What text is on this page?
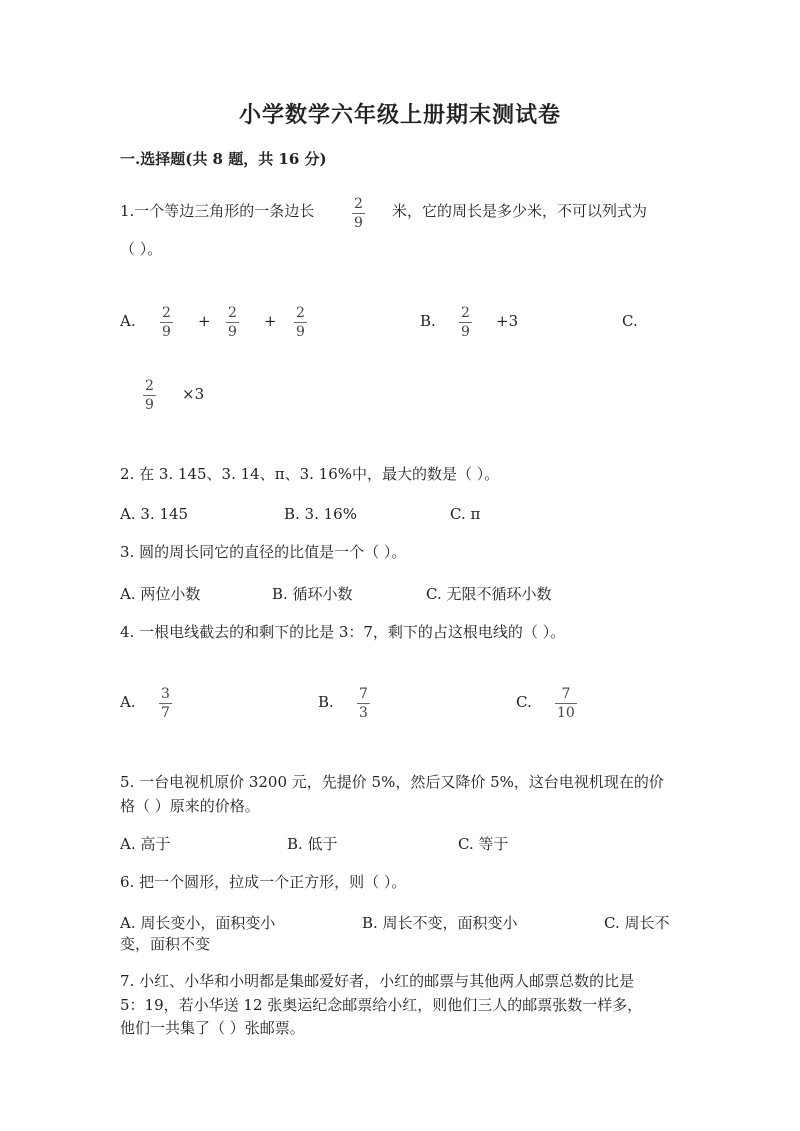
小学数学六年级上册期末测试卷
一.选择题(共 8 题，共 16 分)
1.一个等边三角形的一条边长	2
9
米，它的周长是多少米，不可以列式为
（ ）。
A. 2
9
+ 2
9
+ 2
9
B. 2
9
+3	C.
2
9
×3
2. 在 3. 145、3. 14、π、3. 16%中，最大的数是（ ）。
A. 3. 145	B. 3. 16%	C. π
3. 圆的周长同它的直径的比值是一个（ ）。
A. 两位小数	B. 循环小数	C. 无限不循环小数
4. 一根电线截去的和剩下的比是 3：7，剩下的占这根电线的（ ）。
A. 3
7
B. 7
3
C. 7
10
5. 一台电视机原价 3200 元，先提价 5%，然后又降价 5%，这台电视机现在的价
格（ ）原来的价格。
A. 高于	B. 低于	C. 等于
6. 把一个圆形，拉成一个正方形，则（ ）。
A. 周长变小，面积变小	B. 周长不变，面积变小	C. 周长不
变，面积不变
7. 小红、小华和小明都是集邮爱好者，小红的邮票与其他两人邮票总数的比是
5：19，若小华送 12 张奥运纪念邮票给小红，则他们三人的邮票张数一样多，
他们一共集了（ ）张邮票。
